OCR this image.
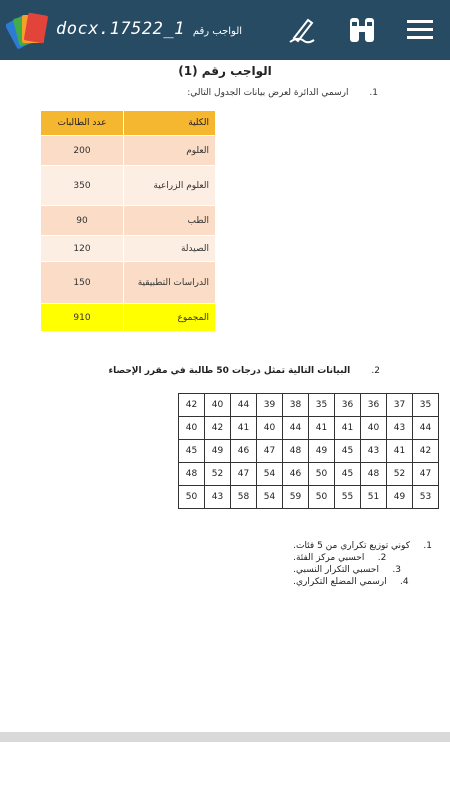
docx.17522_1 الواجب رقم
الواجب رقم (1)
1. ارسمي الدائرة لعرض بيانات الجدول التالي:
عدد الطالبات	الكلية
200	العلوم
350	العلوم الزراعية
90	الطب
120	الصيدلة
150	الدراسات التطبيقية
910	المجموع
2. البيانات التالية تمثل درجات 50 طالبة في مقرر الإحصاء
35	37	36	36	35	38	39	44	40	42
44	43	40	41	41	44	40	41	42	40
42	41	43	45	49	48	47	46	49	45
47	52	48	45	50	46	54	47	52	48
53	49	51	55	50	59	54	58	43	50
1.
كوني توزيع تكراري من 5 فئات.
2.
احسبي مركز الفئة.
3.
احسبي التكرار النسبي.
4.
ارسمي المضلع التكراري.
